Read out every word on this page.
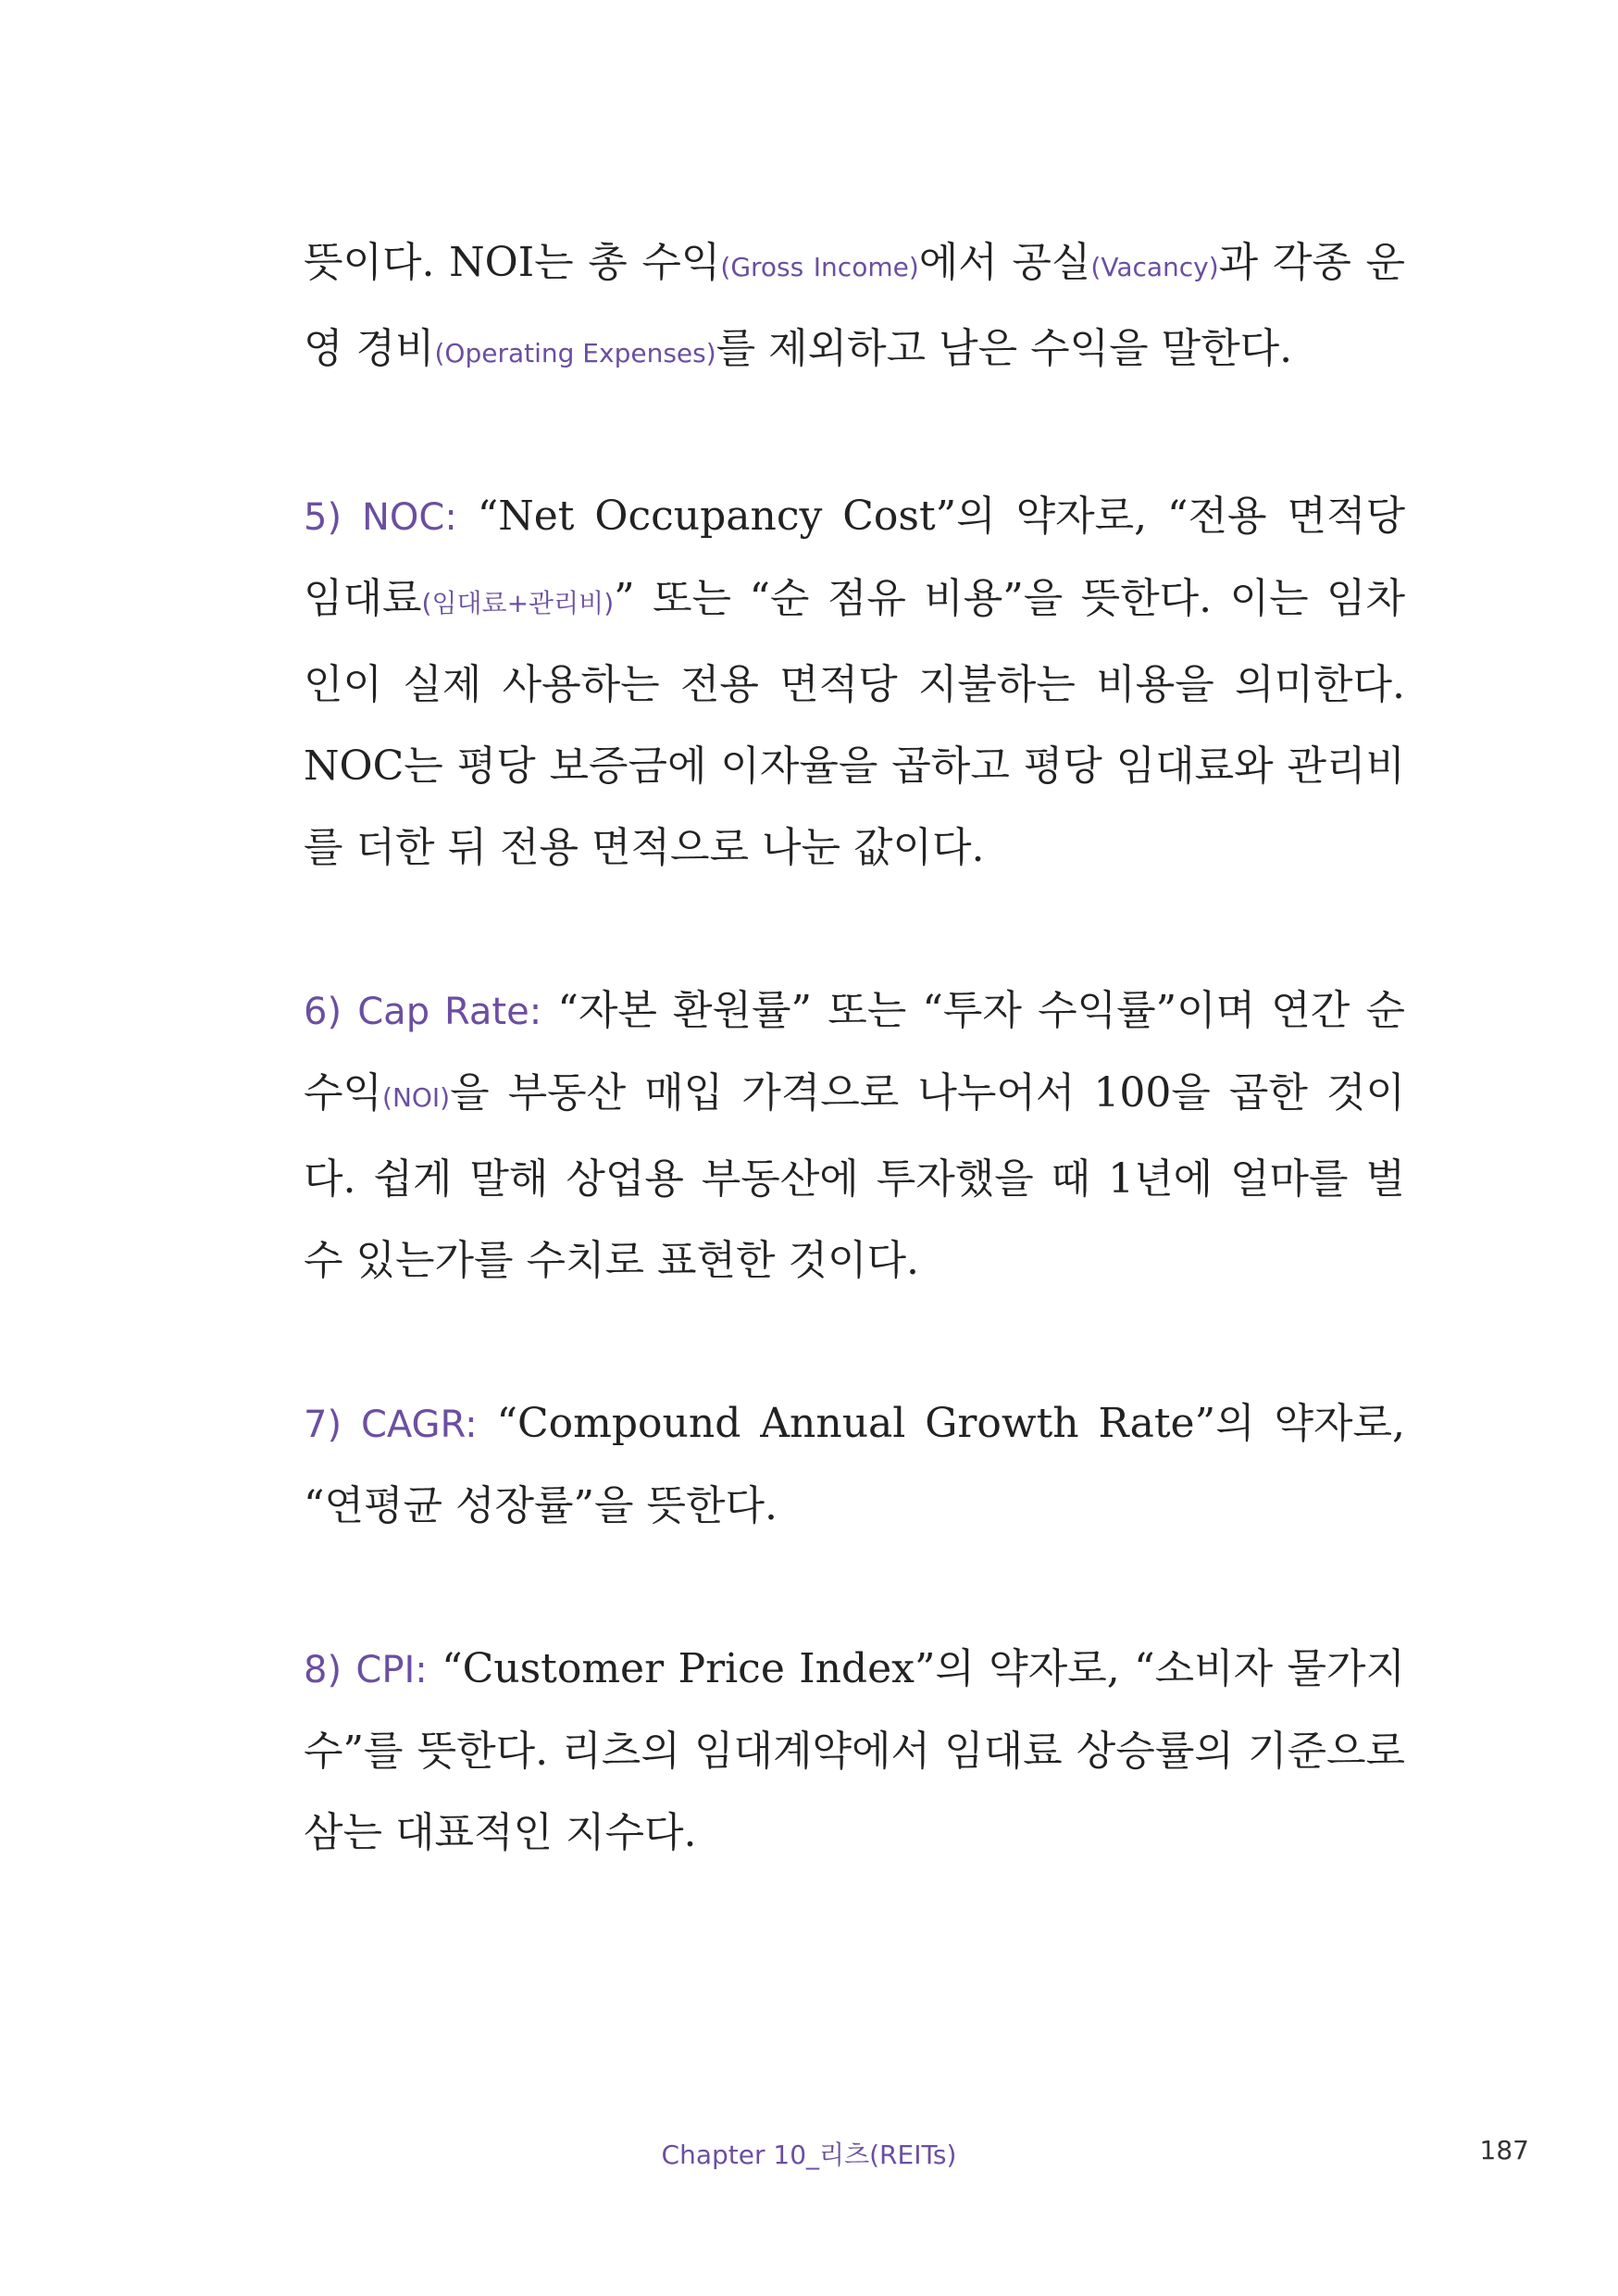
뜻이다. NOI는 총 수익(Gross Income)에서 공실(Vacancy)과 각종 운영 경비(Operating Expenses)를 제외하고 남은 수익을 말한다.

5) NOC: “Net Occupancy Cost”의 약자로, “전용 면적당 임대료(임대료+관리비)” 또는 “순 점유 비용”을 뜻한다. 이는 임차인이 실제 사용하는 전용 면적당 지불하는 비용을 의미한다. NOC는 평당 보증금에 이자율을 곱하고 평당 임대료와 관리비를 더한 뒤 전용 면적으로 나눈 값이다.

6) Cap Rate: “자본 환원률” 또는 “투자 수익률”이며 연간 순수익(NOI)을 부동산 매입 가격으로 나누어서 100을 곱한 것이다. 쉽게 말해 상업용 부동산에 투자했을 때 1년에 얼마를 벌 수 있는가를 수치로 표현한 것이다.

7) CAGR: “Compound Annual Growth Rate”의 약자로, “연평균 성장률”을 뜻한다.

8) CPI: “Customer Price Index”의 약자로, “소비자 물가지수”를 뜻한다. 리츠의 임대계약에서 임대료 상승률의 기준으로 삼는 대표적인 지수다.

Chapter 10_리츠(REITs)	187
